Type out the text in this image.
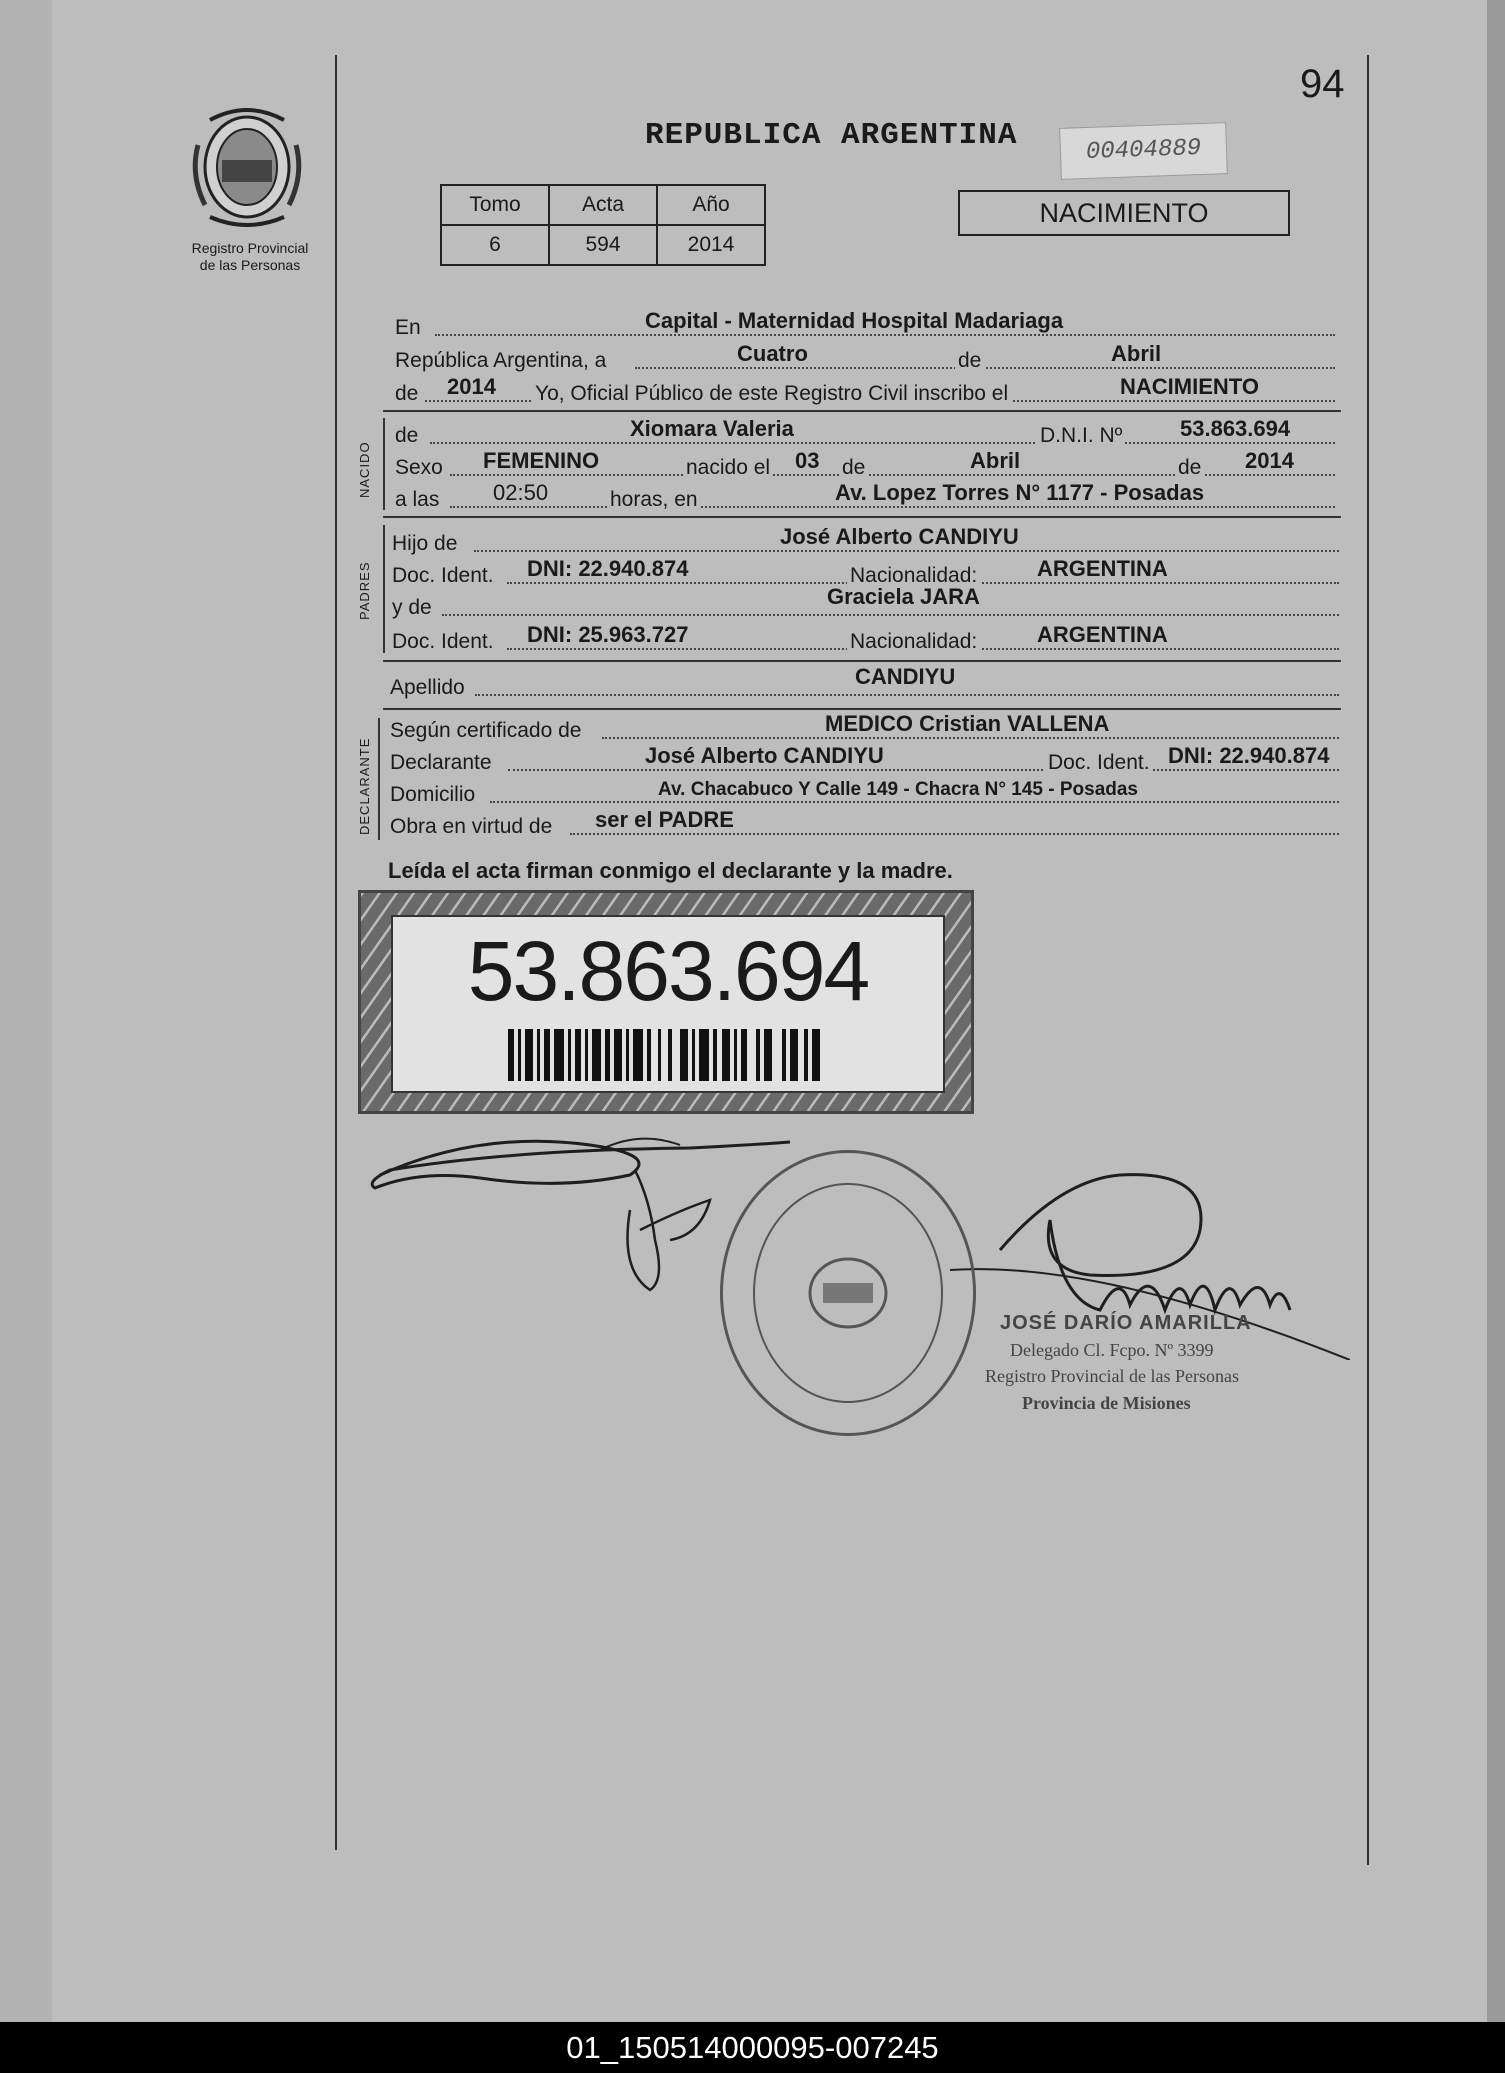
Registro Provincial
de las Personas
94
REPUBLICA ARGENTINA	00404889
Tomo	Acta	Año
6	594	2014
NACIMIENTO
En	Capital - Maternidad Hospital Madariaga
República Argentina, a	Cuatro	de	Abril
de 2014 Yo, Oficial Público de este Registro Civil inscribo el	NACIMIENTO
NACIDO
de	Xiomara Valeria	D.N.I. Nº	53.863.694
Sexo FEMENINO	nacido el 03 de	Abril	de 2014
a las 02:50	horas, en	Av. Lopez Torres N° 1177 - Posadas
PADRES
Hijo de	José Alberto CANDIYU
Doc. Ident. DNI: 22.940.874	Nacionalidad:	ARGENTINA
y de	Graciela JARA
Doc. Ident. DNI: 25.963.727	Nacionalidad:	ARGENTINA
Apellido	CANDIYU
DECLARANTE
Según certificado de	MEDICO Cristian VALLENA
Declarante	José Alberto CANDIYU	Doc. Ident. DNI: 22.940.874
Domicilio	Av. Chacabuco Y Calle 149 - Chacra N° 145 - Posadas
Obra en virtud de ser el PADRE
Leída el acta firman conmigo el declarante y la madre.
53.863.694
JOSÉ DARÍO AMARILLA
Delegado Cl. Fcpo. Nº 3399
Registro Provincial de las Personas
Provincia de Misiones
01_150514000095-007245
